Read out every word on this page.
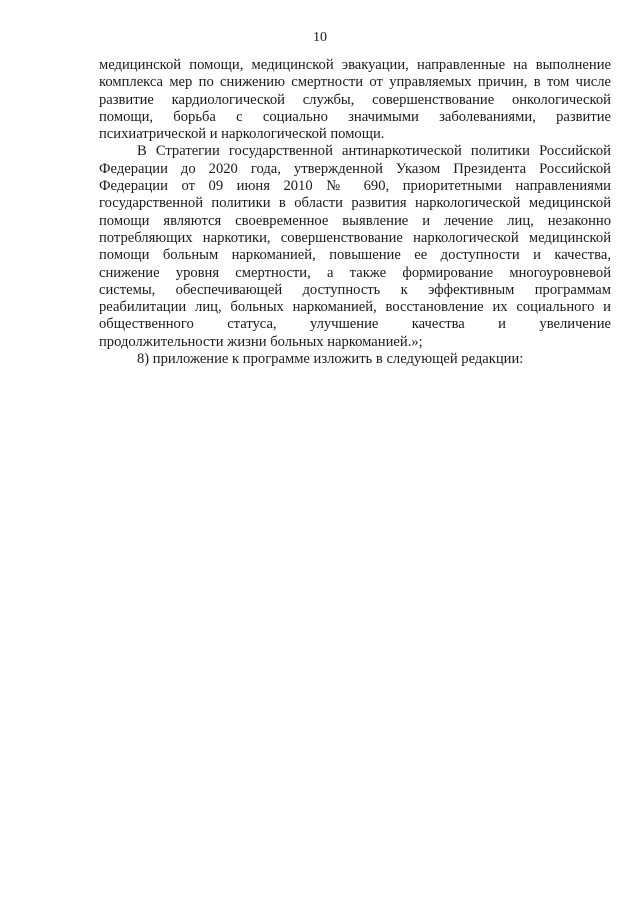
10

медицинской помощи, медицинской эвакуации, направленные на выполнение
комплекса мер по снижению смертности от управляемых причин, в том числе
развитие кардиологической службы, совершенствование онкологической
помощи, борьба с социально значимыми заболеваниями, развитие
психиатрической и наркологической помощи.

В Стратегии государственной антинаркотической политики Российской
Федерации до 2020 года, утвержденной Указом Президента Российской
Федерации от 09 июня 2010 № 690, приоритетными направлениями
государственной политики в области развития наркологической медицинской
помощи являются своевременное выявление и лечение лиц, незаконно
потребляющих наркотики, совершенствование наркологической медицинской
помощи больным наркоманией, повышение ее доступности и качества,
снижение уровня смертности, а также формирование многоуровневой
системы, обеспечивающей доступность к эффективным программам
реабилитации лиц, больных наркоманией, восстановление их социального и
общественного статуса, улучшение качества и увеличение
продолжительности жизни больных наркоманией.»;

8) приложение к программе изложить в следующей редакции:
